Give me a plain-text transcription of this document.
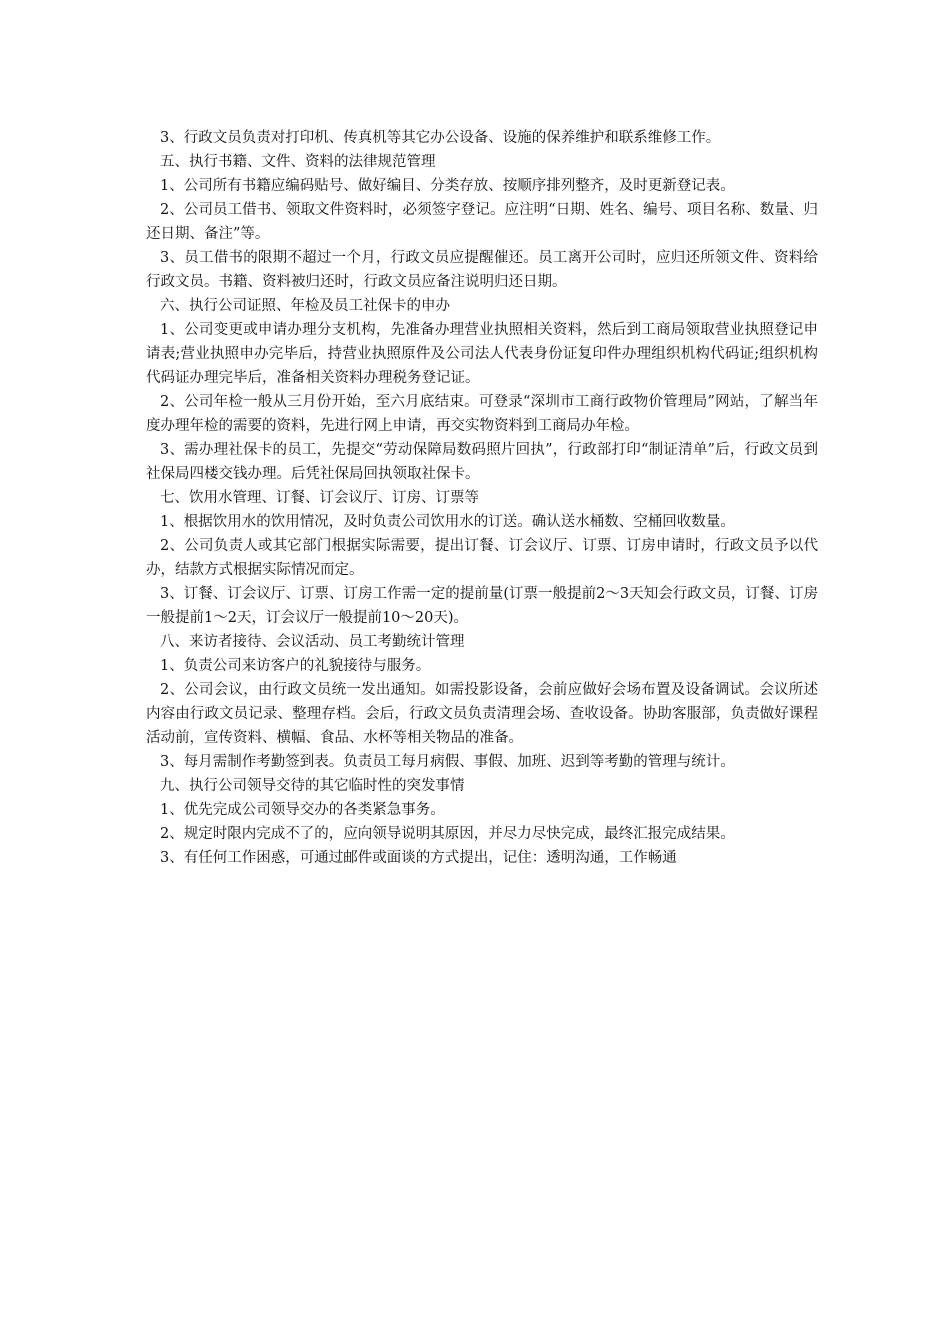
3、行政文员负责对打印机、传真机等其它办公设备、设施的保养维护和联系维修工作。

五、执行书籍、文件、资料的法律规范管理

1、公司所有书籍应编码贴号、做好编目、分类存放、按顺序排列整齐，及时更新登记表。

2、公司员工借书、领取文件资料时，必须签字登记。应注明“日期、姓名、编号、项目名称、数量、归还日期、备注”等。

3、员工借书的限期不超过一个月，行政文员应提醒催还。员工离开公司时，应归还所领文件、资料给行政文员。书籍、资料被归还时，行政文员应备注说明归还日期。

六、执行公司证照、年检及员工社保卡的申办

1、公司变更或申请办理分支机构，先准备办理营业执照相关资料，然后到工商局领取营业执照登记申请表;营业执照申办完毕后，持营业执照原件及公司法人代表身份证复印件办理组织机构代码证;组织机构代码证办理完毕后，准备相关资料办理税务登记证。

2、公司年检一般从三月份开始，至六月底结束。可登录“深圳市工商行政物价管理局”网站，了解当年度办理年检的需要的资料，先进行网上申请，再交实物资料到工商局办年检。

3、需办理社保卡的员工，先提交“劳动保障局数码照片回执”，行政部打印“制证清单”后，行政文员到社保局四楼交钱办理。后凭社保局回执领取社保卡。

七、饮用水管理、订餐、订会议厅、订房、订票等

1、根据饮用水的饮用情况，及时负责公司饮用水的订送。确认送水桶数、空桶回收数量。

2、公司负责人或其它部门根据实际需要，提出订餐、订会议厅、订票、订房申请时，行政文员予以代办，结款方式根据实际情况而定。

3、订餐、订会议厅、订票、订房工作需一定的提前量(订票一般提前2～3天知会行政文员，订餐、订房一般提前1～2天，订会议厅一般提前10～20天)。

八、来访者接待、会议活动、员工考勤统计管理

1、负责公司来访客户的礼貌接待与服务。

2、公司会议，由行政文员统一发出通知。如需投影设备，会前应做好会场布置及设备调试。会议所述内容由行政文员记录、整理存档。会后，行政文员负责清理会场、查收设备。协助客服部，负责做好课程活动前，宣传资料、横幅、食品、水杯等相关物品的准备。

3、每月需制作考勤签到表。负责员工每月病假、事假、加班、迟到等考勤的管理与统计。

九、执行公司领导交待的其它临时性的突发事情

1、优先完成公司领导交办的各类紧急事务。

2、规定时限内完成不了的，应向领导说明其原因，并尽力尽快完成，最终汇报完成结果。

3、有任何工作困惑，可通过邮件或面谈的方式提出，记住：透明沟通，工作畅通
